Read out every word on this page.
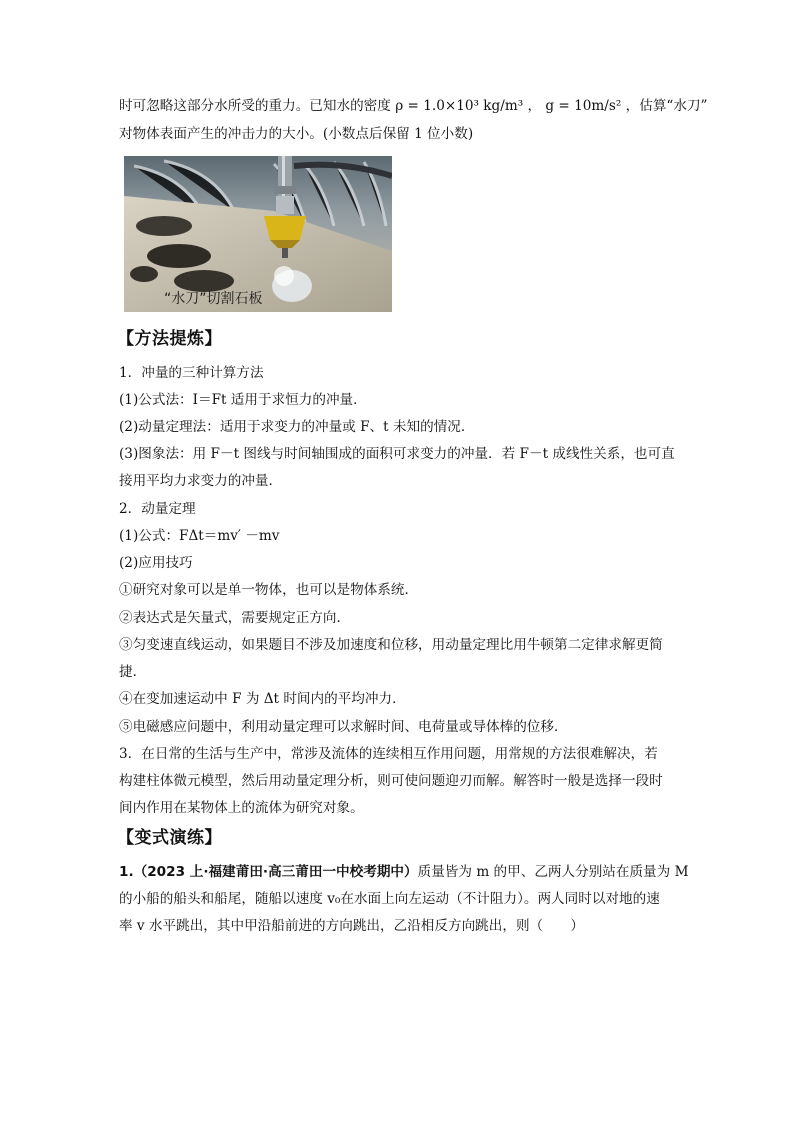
时可忽略这部分水所受的重力。已知水的密度 ρ = 1.0×10³ kg/m³ ， g = 10m/s² ，估算“水刀”
对物体表面产生的冲击力的大小。(小数点后保留 1 位小数)
“水刀”切割石板
【方法提炼】
1．冲量的三种计算方法
(1)公式法：I＝Ft 适用于求恒力的冲量．
(2)动量定理法：适用于求变力的冲量或 F、t 未知的情况．
(3)图象法：用 F－t 图线与时间轴围成的面积可求变力的冲量．若 F－t 成线性关系，也可直
接用平均力求变力的冲量．
2．动量定理
(1)公式：FΔt＝mv′ －mv
(2)应用技巧
①研究对象可以是单一物体，也可以是物体系统．
②表达式是矢量式，需要规定正方向．
③匀变速直线运动，如果题目不涉及加速度和位移，用动量定理比用牛顿第二定律求解更简
捷．
④在变加速运动中 F 为 Δt 时间内的平均冲力．
⑤电磁感应问题中，利用动量定理可以求解时间、电荷量或导体棒的位移．
3．在日常的生活与生产中，常涉及流体的连续相互作用问题，用常规的方法很难解决，若
构建柱体微元模型，然后用动量定理分析，则可使问题迎刃而解。解答时一般是选择一段时
间内作用在某物体上的流体为研究对象。
【变式演练】
1.（2023 上·福建莆田·高三莆田一中校考期中）质量皆为 m 的甲、乙两人分别站在质量为 M
的小船的船头和船尾，随船以速度 v₀在水面上向左运动（不计阻力）。两人同时以对地的速
率 v 水平跳出，其中甲沿船前进的方向跳出，乙沿相反方向跳出，则（　　）
